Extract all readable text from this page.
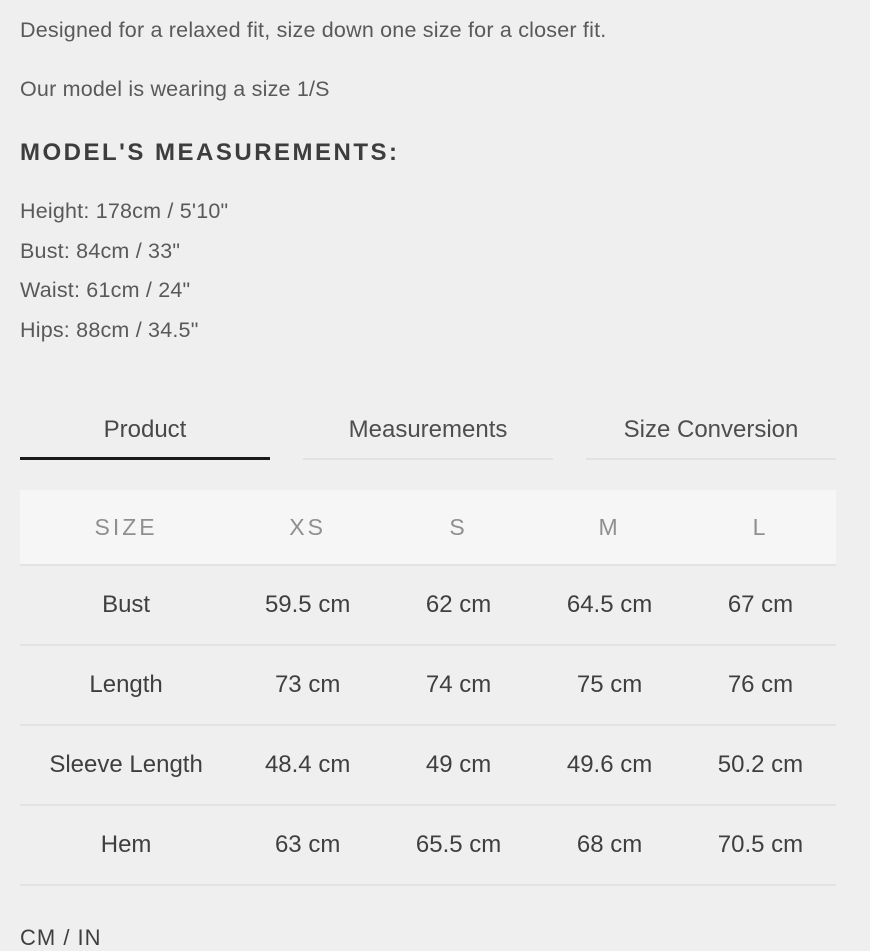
Designed for a relaxed fit, size down one size for a closer fit.

Our model is wearing a size 1/S

MODEL'S MEASUREMENTS:
Height: 178cm / 5'10"
Bust: 84cm / 33"
Waist: 61cm / 24"
Hips: 88cm / 34.5"
Product	Measurements	Size Conversion
SIZE	XS	S	M	L
Bust	59.5 cm	62 cm	64.5 cm	67 cm
Length	73 cm	74 cm	75 cm	76 cm
Sleeve Length	48.4 cm	49 cm	49.6 cm	50.2 cm
Hem	63 cm	65.5 cm	68 cm	70.5 cm
CM / IN
